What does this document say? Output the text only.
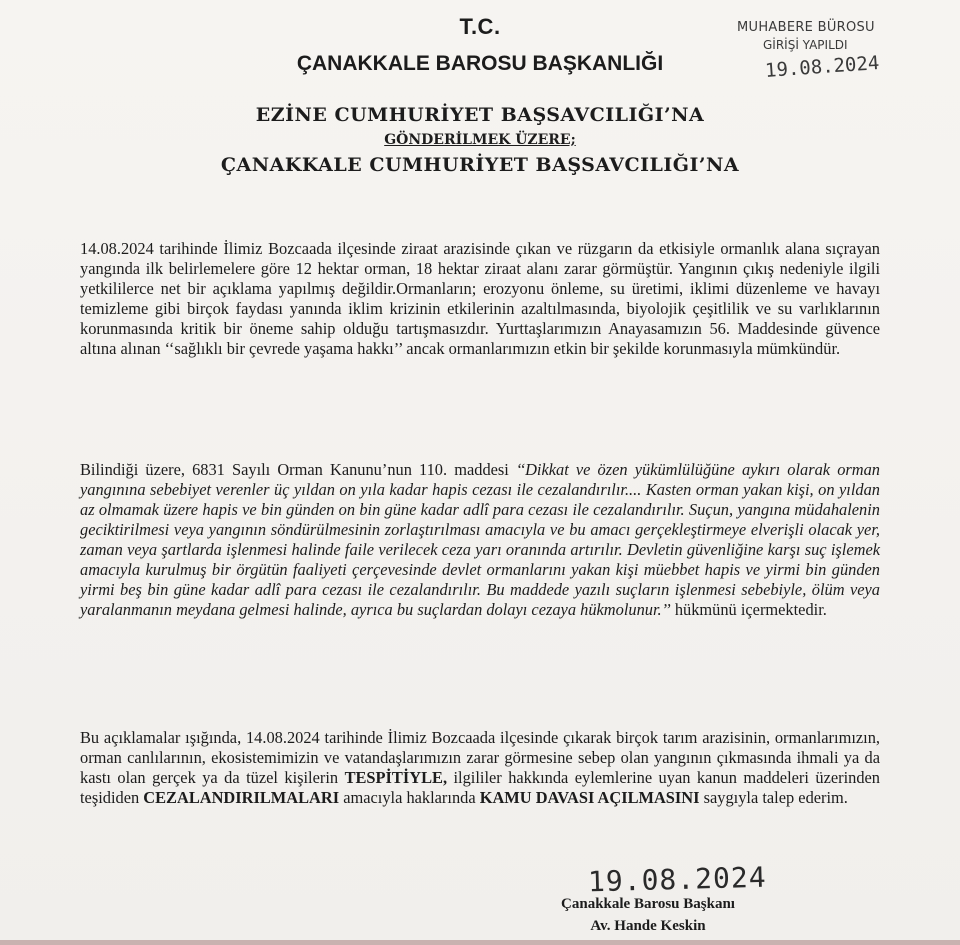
T.C.
ÇANAKKALE BAROSU BAŞKANLIĞI
EZİNE CUMHURİYET BAŞSAVCILIĞI’NA
GÖNDERİLMEK ÜZERE;
ÇANAKKALE CUMHURİYET BAŞSAVCILIĞI’NA
MUHABERE BÜROSU
GİRİŞİ YAPILDI
19.08.2024
14.08.2024 tarihinde İlimiz Bozcaada ilçesinde ziraat arazisinde çıkan ve rüzgarın da etkisiyle ormanlık alana sıçrayan yangında ilk belirlemelere göre 12 hektar orman, 18 hektar ziraat alanı zarar görmüştür. Yangının çıkış nedeniyle ilgili yetkililerce net bir açıklama yapılmış değildir.Ormanların; erozyonu önleme, su üretimi, iklimi düzenleme ve havayı temizleme gibi birçok faydası yanında iklim krizinin etkilerinin azaltılmasında, biyolojik çeşitlilik ve su varlıklarının korunmasında kritik bir öneme sahip olduğu tartışmasızdır. Yurttaşlarımızın Anayasamızın 56. Maddesinde güvence altına alınan ‘‘sağlıklı bir çevrede yaşama hakkı’’ ancak ormanlarımızın etkin bir şekilde korunmasıyla mümkündür.
Bilindiği üzere, 6831 Sayılı Orman Kanunu’nun 110. maddesi ‘‘Dikkat ve özen yükümlülüğüne aykırı olarak orman yangınına sebebiyet verenler üç yıldan on yıla kadar hapis cezası ile cezalandırılır.... Kasten orman yakan kişi, on yıldan az olmamak üzere hapis ve bin günden on bin güne kadar adlî para cezası ile cezalandırılır. Suçun, yangına müdahalenin geciktirilmesi veya yangının söndürülmesinin zorlaştırılması amacıyla ve bu amacı gerçekleştirmeye elverişli olacak yer, zaman veya şartlarda işlenmesi halinde faile verilecek ceza yarı oranında artırılır. Devletin güvenliğine karşı suç işlemek amacıyla kurulmuş bir örgütün faaliyeti çerçevesinde devlet ormanlarını yakan kişi müebbet hapis ve yirmi bin günden yirmi beş bin güne kadar adlî para cezası ile cezalandırılır. Bu maddede yazılı suçların işlenmesi sebebiyle, ölüm veya yaralanmanın meydana gelmesi halinde, ayrıca bu suçlardan dolayı cezaya hükmolunur.’’ hükmünü içermektedir.
Bu açıklamalar ışığında, 14.08.2024 tarihinde İlimiz Bozcaada ilçesinde çıkarak birçok tarım arazisinin, ormanlarımızın, orman canlılarının, ekosistemimizin ve vatandaşlarımızın zarar görmesine sebep olan yangının çıkmasında ihmali ya da kastı olan gerçek ya da tüzel kişilerin TESPİTİYLE, ilgililer hakkında eylemlerine uyan kanun maddeleri üzerinden teşididen CEZALANDIRILMALARI amacıyla haklarında KAMU DAVASI AÇILMASINI saygıyla talep ederim.
19.08.2024
Çanakkale Barosu Başkanı
Av. Hande Keskin
